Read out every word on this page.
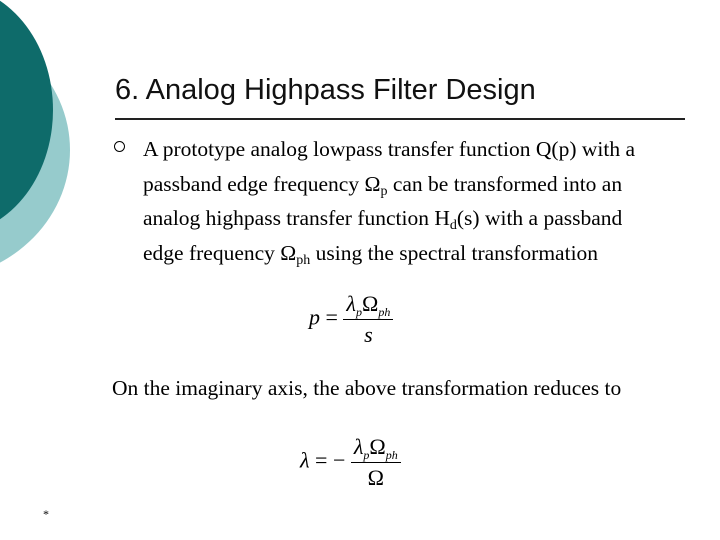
6. Analog Highpass Filter Design
A prototype analog lowpass transfer function Q(p) with a
passband edge frequency $\Omega_p$ can be transformed into an
analog highpass transfer function $H_d(s)$ with a passband
edge frequency $\Omega_{ph}$ using the spectral transformation
$p = \frac{\lambda_p\Omega_{ph}}{s}$
On the imaginary axis, the above transformation reduces to
λ = − $\frac{\lambda_p\Omega_{ph}}{\Omega}$
*
